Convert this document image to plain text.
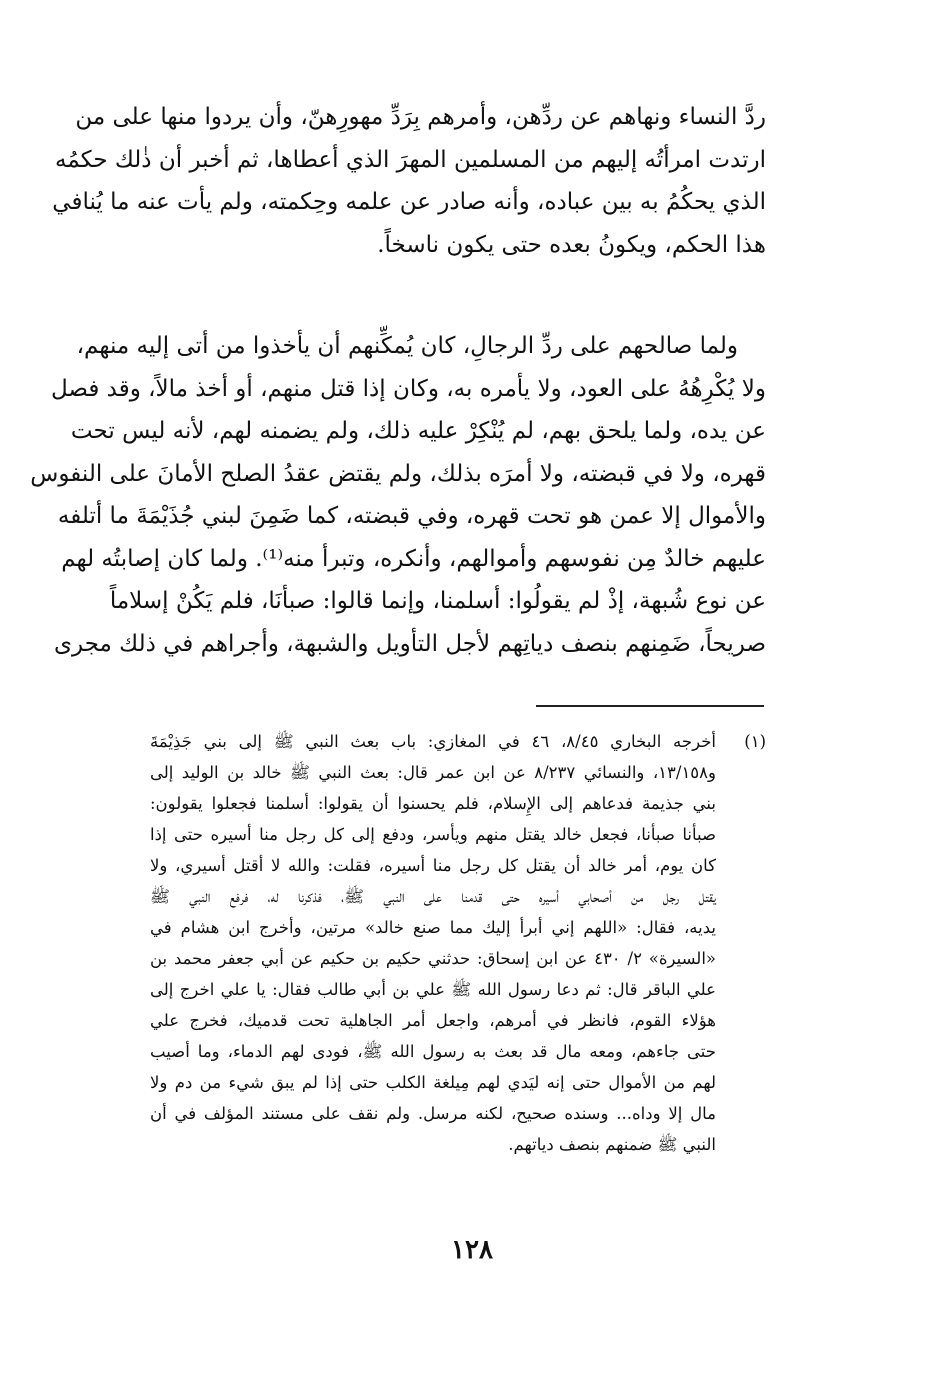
ردَّ النساء ونهاهم عن ردِّهن، وأمرهم بِرَدِّ مهورِهنّ، وأن يردوا منها على من
ارتدت امرأتُه إليهم من المسلمين المهرَ الذي أعطاها، ثم أخبر أن ذٰلك حكمُه
الذي يحكُمُ به بين عباده، وأنه صادر عن علمه وحِكمته، ولم يأت عنه ما يُنافي
هذا الحكم، ويكونُ بعده حتى يكون ناسخاً.
ولما صالحهم على ردِّ الرجالِ، كان يُمكِّنهم أن يأخذوا من أتى إليه منهم،
ولا يُكْرِهُهُ على العود، ولا يأمره به، وكان إذا قتل منهم، أو أخذ مالاً، وقد فصل
عن يده، ولما يلحق بهم، لم يُنْكِرْ عليه ذلك، ولم يضمنه لهم، لأنه ليس تحت
قهره، ولا في قبضته، ولا أمرَه بذلك، ولم يقتض عقدُ الصلح الأمانَ على النفوس
والأموال إلا عمن هو تحت قهره، وفي قبضته، كما ضَمِنَ لبني جُذَيْمَةَ ما أتلفه
عليهم خالدٌ مِن نفوسهم وأموالهم، وأنكره، وتبرأ منه⁽¹⁾. ولما كان إصابتُه لهم
عن نوع شُبهة، إذْ لم يقولُوا: أسلمنا، وإنما قالوا: صبأنَا، فلم يَكُنْ إسلاماً
صريحاً، ضَمِنهم بنصف دياتِهم لأجل التأويل والشبهة، وأجراهم في ذلك مجرى
(١)
أخرجه البخاري ٨/٤٥، ٤٦ في المغازي: باب بعث النبي ﷺ إلى بني جَذِيْمَةَ
و١٣/١٥٨، والنسائي ٨/٢٣٧ عن ابن عمر قال: بعث النبي ﷺ خالد بن الوليد إلى
بني جذيمة فدعاهم إلى الإِسلام، فلم يحسنوا أن يقولوا: أسلمنا فجعلوا يقولون:
صبأنا صبأنا، فجعل خالد يقتل منهم ويأسر، ودفع إلى كل رجل منا أسيره حتى إذا
كان يوم، أمر خالد أن يقتل كل رجل منا أسيره، فقلت: والله لا أقتل أسيري، ولا
يقتل رجل من أصحابي أسيره حتى قدمنا على النبي ﷺ، فذكرنا له، فرفع النبي ﷺ
يديه، فقال: «اللهم إني أبرأ إليك مما صنع خالد» مرتين، وأخرج ابن هشام في
«السيرة» ٢/ ٤٣٠ عن ابن إسحاق: حدثني حكيم بن حكيم عن أبي جعفر محمد بن
علي الباقر قال: ثم دعا رسول الله ﷺ علي بن أبي طالب فقال: يا علي اخرج إلى
هؤلاء القوم، فانظر في أمرهم، واجعل أمر الجاهلية تحت قدميك، فخرج علي
حتى جاءهم، ومعه مال قد بعث به رسول الله ﷺ، فودى لهم الدماء، وما أصيب
لهم من الأموال حتى إنه ليَدي لهم مِيلغة الكلب حتى إذا لم يبق شيء من دم ولا
مال إلا وداه... وسنده صحيح، لكنه مرسل. ولم نقف على مستند المؤلف في أن
النبي ﷺ ضمنهم بنصف دياتهم.
١٢٨
